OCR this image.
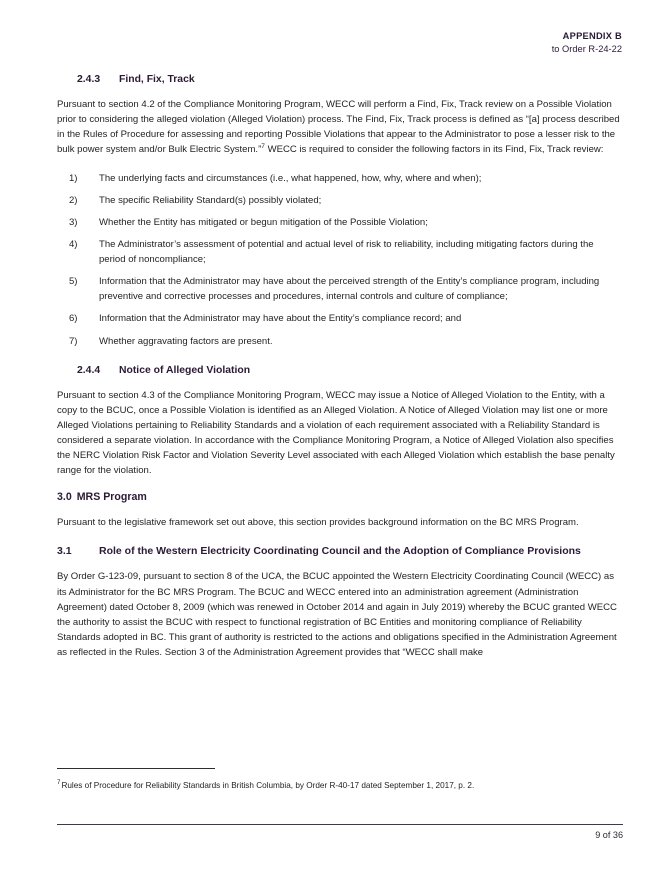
APPENDIX B
to Order R-24-22
2.4.3	Find, Fix, Track

Pursuant to section 4.2 of the Compliance Monitoring Program, WECC will perform a Find, Fix, Track review on a Possible Violation prior to considering the alleged violation (Alleged Violation) process. The Find, Fix, Track process is defined as “[a] process described in the Rules of Procedure for assessing and reporting Possible Violations that appear to the Administrator to pose a lesser risk to the bulk power system and/or Bulk Electric System.”$^7$ WECC is required to consider the following factors in its Find, Fix, Track review:

1)	The underlying facts and circumstances (i.e., what happened, how, why, where and when);
2)	The specific Reliability Standard(s) possibly violated;
3)	Whether the Entity has mitigated or begun mitigation of the Possible Violation;
4)	The Administrator’s assessment of potential and actual level of risk to reliability, including mitigating factors during the period of noncompliance;
5)	Information that the Administrator may have about the perceived strength of the Entity’s compliance program, including preventive and corrective processes and procedures, internal controls and culture of compliance;
6)	Information that the Administrator may have about the Entity’s compliance record; and
7)	Whether aggravating factors are present.
2.4.4	Notice of Alleged Violation

Pursuant to section 4.3 of the Compliance Monitoring Program, WECC may issue a Notice of Alleged Violation to the Entity, with a copy to the BCUC, once a Possible Violation is identified as an Alleged Violation. A Notice of Alleged Violation may list one or more Alleged Violations pertaining to Reliability Standards and a violation of each requirement associated with a Reliability Standard is considered a separate violation. In accordance with the Compliance Monitoring Program, a Notice of Alleged Violation also specifies the NERC Violation Risk Factor and Violation Severity Level associated with each Alleged Violation which establish the base penalty range for the violation.

3.0 MRS Program

Pursuant to the legislative framework set out above, this section provides background information on the BC MRS Program.

3.1	Role of the Western Electricity Coordinating Council and the Adoption of Compliance Provisions

By Order G-123-09, pursuant to section 8 of the UCA, the BCUC appointed the Western Electricity Coordinating Council (WECC) as its Administrator for the BC MRS Program. The BCUC and WECC entered into an administration agreement (Administration Agreement) dated October 8, 2009 (which was renewed in October 2014 and again in July 2019) whereby the BCUC granted WECC the authority to assist the BCUC with respect to functional registration of BC Entities and monitoring compliance of Reliability Standards adopted in BC. This grant of authority is restricted to the actions and obligations specified in the Administration Agreement as reflected in the Rules. Section 3 of the Administration Agreement provides that “WECC shall make

$^7$Rules of Procedure for Reliability Standards in British Columbia, by Order R-40-17 dated September 1, 2017, p. 2.
9 of 36
